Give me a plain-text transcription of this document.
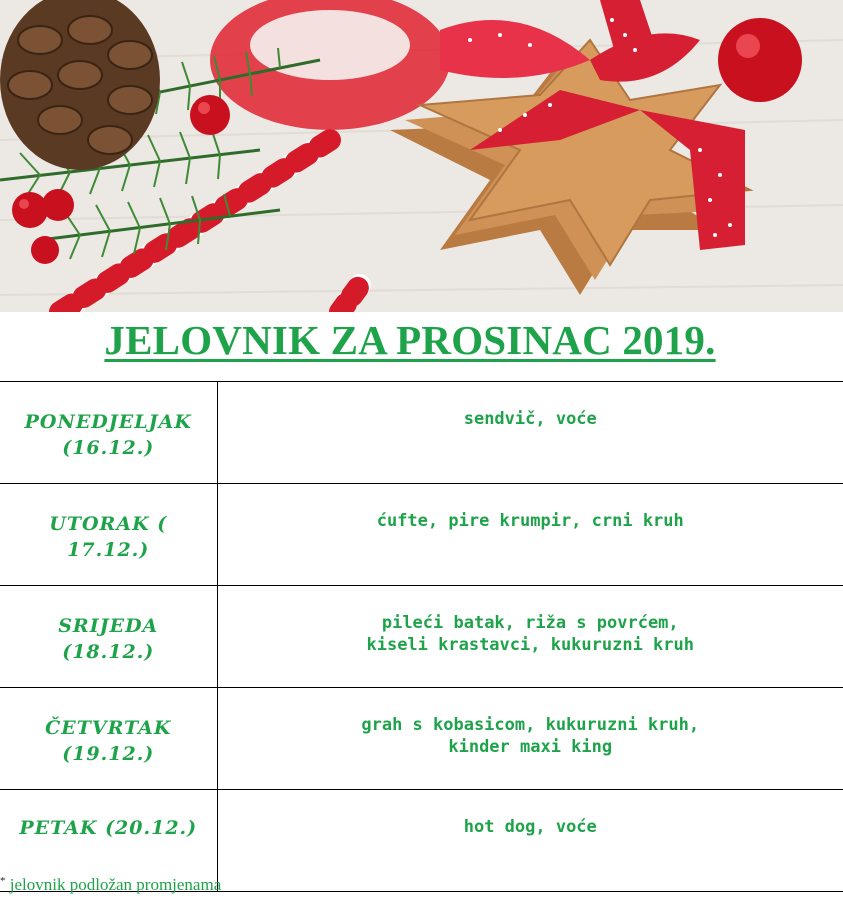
JELOVNIK ZA PROSINAC 2019.
PONEDJELJAK
(16.12.)	sendvič, voće

UTORAK (
17.12.)	ćufte, pire krumpir, crni kruh

SRIJEDA
(18.12.)	pileći batak, riža s povrćem,
kiseli krastavci, kukuruzni kruh

ČETVRTAK
(19.12.)	grah s kobasicom, kukuruzni kruh,
kinder maxi king

PETAK (20.12.)	hot dog, voće
* jelovnik podložan promjenama
